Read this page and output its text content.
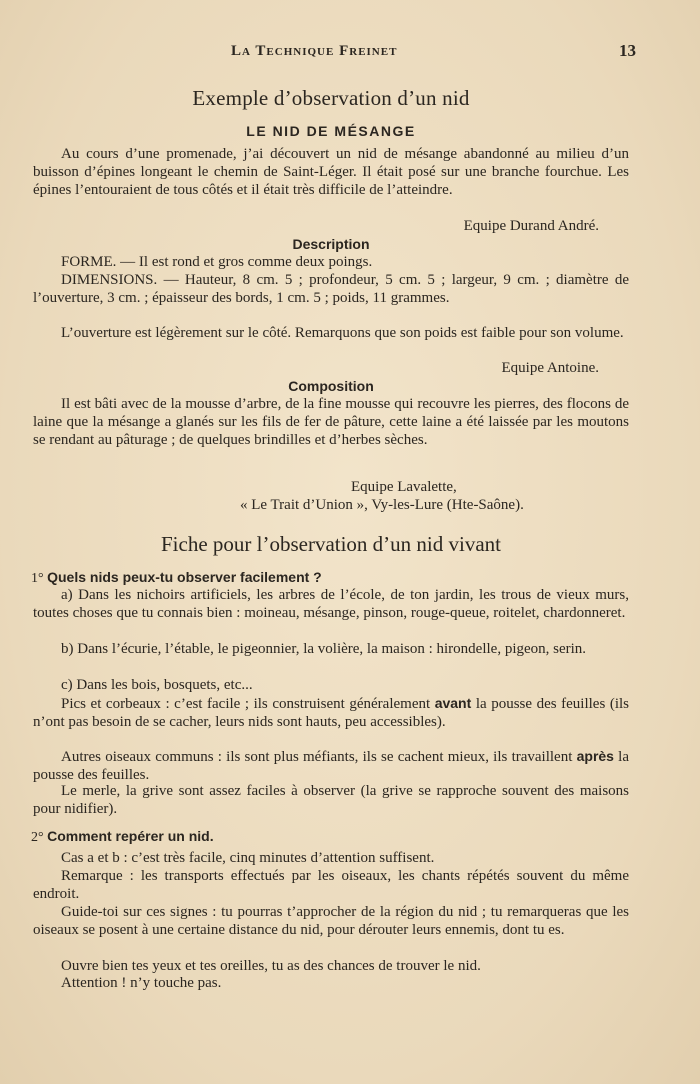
La Technique Freinet	13
Exemple d’observation d’un nid
LE NID DE MÉSANGE

Au cours d’une promenade, j’ai découvert un nid de mésange abandonné au milieu d’un buisson d’épines longeant le chemin de Saint-Léger. Il était posé sur une branche fourchue. Les épines l’entouraient de tous côtés et il était très difficile de l’atteindre.

Equipe Durand André.
Description

FORME. — Il est rond et gros comme deux poings.

DIMENSIONS. — Hauteur, 8 cm. 5 ; profondeur, 5 cm. 5 ; largeur, 9 cm. ; diamètre de l’ouverture, 3 cm. ; épaisseur des bords, 1 cm. 5 ; poids, 11 grammes.

L’ouverture est légèrement sur le côté. Remarquons que son poids est faible pour son volume.

Equipe Antoine.
Composition

Il est bâti avec de la mousse d’arbre, de la fine mousse qui recouvre les pierres, des flocons de laine que la mésange a glanés sur les fils de fer de pâture, cette laine a été laissée par les moutons se rendant au pâturage ; de quelques brindilles et d’herbes sèches.

Equipe Lavalette,
« Le Trait d’Union », Vy-les-Lure (Hte-Saône).
Fiche pour l’observation d’un nid vivant
1° Quels nids peux-tu observer facilement ?

a) Dans les nichoirs artificiels, les arbres de l’école, de ton jardin, les trous de vieux murs, toutes choses que tu connais bien : moineau, mésange, pinson, rouge-queue, roitelet, chardonneret.

b) Dans l’écurie, l’étable, le pigeonnier, la volière, la maison : hirondelle, pigeon, serin.

c) Dans les bois, bosquets, etc...

Pics et corbeaux : c’est facile ; ils construisent généralement avant la pousse des feuilles (ils n’ont pas besoin de se cacher, leurs nids sont hauts, peu accessibles).

Autres oiseaux communs : ils sont plus méfiants, ils se cachent mieux, ils travaillent après la pousse des feuilles.

Le merle, la grive sont assez faciles à observer (la grive se rapproche souvent des maisons pour nidifier).

2° Comment repérer un nid.

Cas a et b : c’est très facile, cinq minutes d’attention suffisent.

Remarque : les transports effectués par les oiseaux, les chants répétés souvent du même endroit.

Guide-toi sur ces signes : tu pourras t’approcher de la région du nid ; tu remarqueras que les oiseaux se posent à une certaine distance du nid, pour dérouter leurs ennemis, dont tu es.

Ouvre bien tes yeux et tes oreilles, tu as des chances de trouver le nid.

Attention ! n’y touche pas.
